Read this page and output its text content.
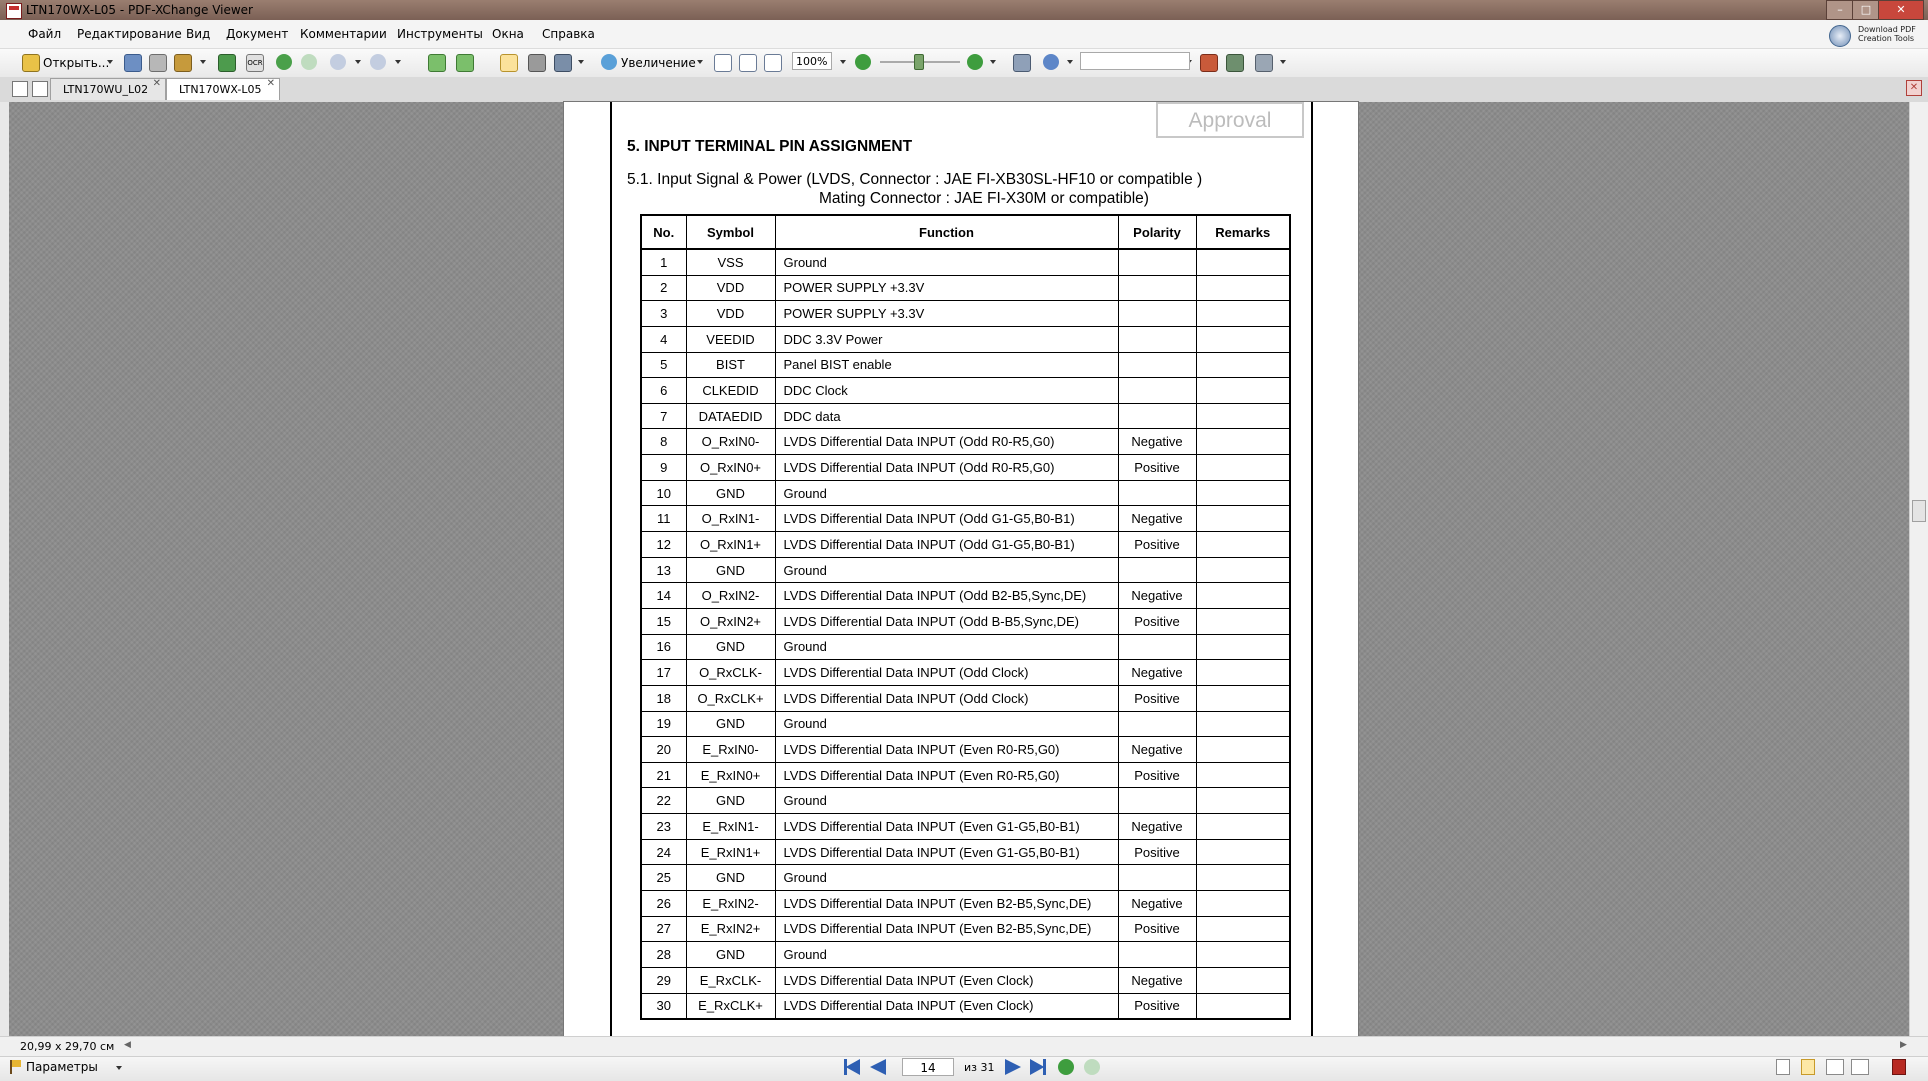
LTN170WX-L05 - PDF-XChange Viewer	–	□	✕
Файл Редактирование Вид Документ Комментарии Инструменты Окна Справка	Download PDF
Creation Tools
Открыть...	OCR	Увеличение	100%
LTN170WU_L02 ✕	LTN170WX-L05 ✕	✕
Approval
5. INPUT TERMINAL PIN ASSIGNMENT
5.1. Input Signal & Power (LVDS, Connector : JAE FI-XB30SL-HF10 or compatible )
Mating Connector : JAE FI-X30M or compatible)
No.	Symbol	Function	Polarity	Remarks
1	VSS	Ground		
2	VDD	POWER SUPPLY +3.3V		
3	VDD	POWER SUPPLY +3.3V		
4	VEEDID	DDC 3.3V Power		
5	BIST	Panel BIST enable		
6	CLKEDID	DDC Clock		
7	DATAEDID	DDC data		
8	O_RxIN0-	LVDS Differential Data INPUT (Odd R0-R5,G0)	Negative	
9	O_RxIN0+	LVDS Differential Data INPUT (Odd R0-R5,G0)	Positive	
10	GND	Ground		
11	O_RxIN1-	LVDS Differential Data INPUT (Odd G1-G5,B0-B1)	Negative	
12	O_RxIN1+	LVDS Differential Data INPUT (Odd G1-G5,B0-B1)	Positive	
13	GND	Ground		
14	O_RxIN2-	LVDS Differential Data INPUT (Odd B2-B5,Sync,DE)	Negative	
15	O_RxIN2+	LVDS Differential Data INPUT (Odd B-B5,Sync,DE)	Positive	
16	GND	Ground		
17	O_RxCLK-	LVDS Differential Data INPUT (Odd Clock)	Negative	
18	O_RxCLK+	LVDS Differential Data INPUT (Odd Clock)	Positive	
19	GND	Ground		
20	E_RxIN0-	LVDS Differential Data INPUT (Even R0-R5,G0)	Negative	
21	E_RxIN0+	LVDS Differential Data INPUT (Even R0-R5,G0)	Positive	
22	GND	Ground		
23	E_RxIN1-	LVDS Differential Data INPUT (Even G1-G5,B0-B1)	Negative	
24	E_RxIN1+	LVDS Differential Data INPUT (Even G1-G5,B0-B1)	Positive	
25	GND	Ground		
26	E_RxIN2-	LVDS Differential Data INPUT (Even B2-B5,Sync,DE)	Negative	
27	E_RxIN2+	LVDS Differential Data INPUT (Even B2-B5,Sync,DE)	Positive	
28	GND	Ground		
29	E_RxCLK-	LVDS Differential Data INPUT (Even Clock)	Negative	
30	E_RxCLK+	LVDS Differential Data INPUT (Even Clock)	Positive	
20,99 x 29,70 см ◀	▶
Параметры	14	из 31
